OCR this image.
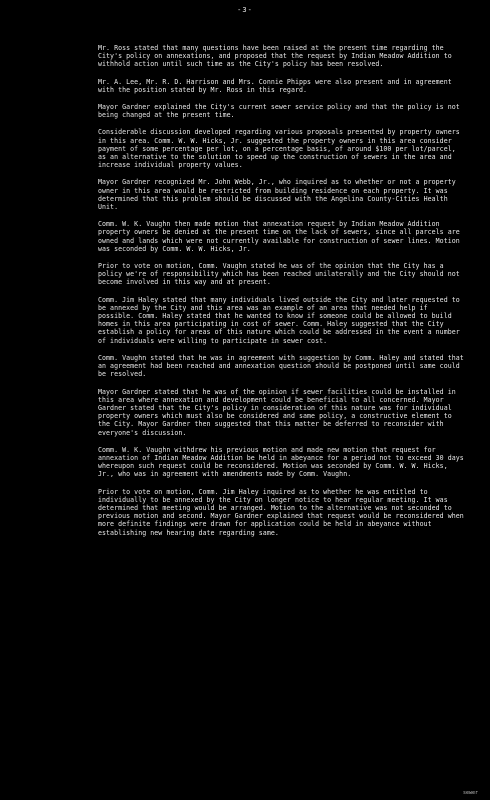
-3-

Mr. Ross stated that many questions have been raised at the present time regarding the City's policy on annexations, and proposed that the request by Indian Meadow Addition to withhold action until such time as the City's policy has been resolved.

Mr. A. Lee, Mr. R. D. Harrison and Mrs. Connie Phipps were also present and in agreement with the position stated by Mr. Ross in this regard.

Mayor Gardner explained the City's current sewer service policy and that the policy is not being changed at the present time.

Considerable discussion developed regarding various proposals presented by property owners in this area. Comm. W. W. Hicks, Jr. suggested the property owners in this area consider payment of some percentage per lot, on a percentage basis, of around $100 per lot/parcel, as an alternative to the solution to speed up the construction of sewers in the area and increase individual property values.

Mayor Gardner recognized Mr. John Webb, Jr., who inquired as to whether or not a property owner in this area would be restricted from building residence on each property. It was determined that this problem should be discussed with the Angelina County-Cities Health Unit.

Comm. W. K. Vaughn then made motion that annexation request by Indian Meadow Addition property owners be denied at the present time on the lack of sewers, since all parcels are owned and lands which were not currently available for construction of sewer lines. Motion was seconded by Comm. W. W. Hicks, Jr.

Prior to vote on motion, Comm. Vaughn stated he was of the opinion that the City has a policy we're of responsibility which has been reached unilaterally and the City should not become involved in this way and at present.

Comm. Jim Haley stated that many individuals lived outside the City and later requested to be annexed by the City and this area was an example of an area that needed help if possible. Comm. Haley stated that he wanted to know if someone could be allowed to build homes in this area participating in cost of sewer. Comm. Haley suggested that the City establish a policy for areas of this nature which could be addressed in the event a number of individuals were willing to participate in sewer cost.

Comm. Vaughn stated that he was in agreement with suggestion by Comm. Haley and stated that an agreement had been reached and annexation question should be postponed until same could be resolved.

Mayor Gardner stated that he was of the opinion if sewer facilities could be installed in this area where annexation and development could be beneficial to all concerned. Mayor Gardner stated that the City's policy in consideration of this nature was for individual property owners which must also be considered and same policy, a constructive element to the City. Mayor Gardner then suggested that this matter be deferred to reconsider with everyone's discussion.

Comm. W. K. Vaughn withdrew his previous motion and made new motion that request for annexation of Indian Meadow Addition be held in abeyance for a period not to exceed 30 days whereupon such request could be reconsidered. Motion was seconded by Comm. W. W. Hicks, Jr., who was in agreement with amendments made by Comm. Vaughn.

Prior to vote on motion, Comm. Jim Haley inquired as to whether he was entitled to individually to be annexed by the City on longer notice to hear regular meeting. It was determined that meeting would be arranged. Motion to the alternative was not seconded to previous motion and second. Mayor Gardner explained that request would be reconsidered when more definite findings were drawn for application could be held in abeyance without establishing new hearing date regarding same.

sewer
